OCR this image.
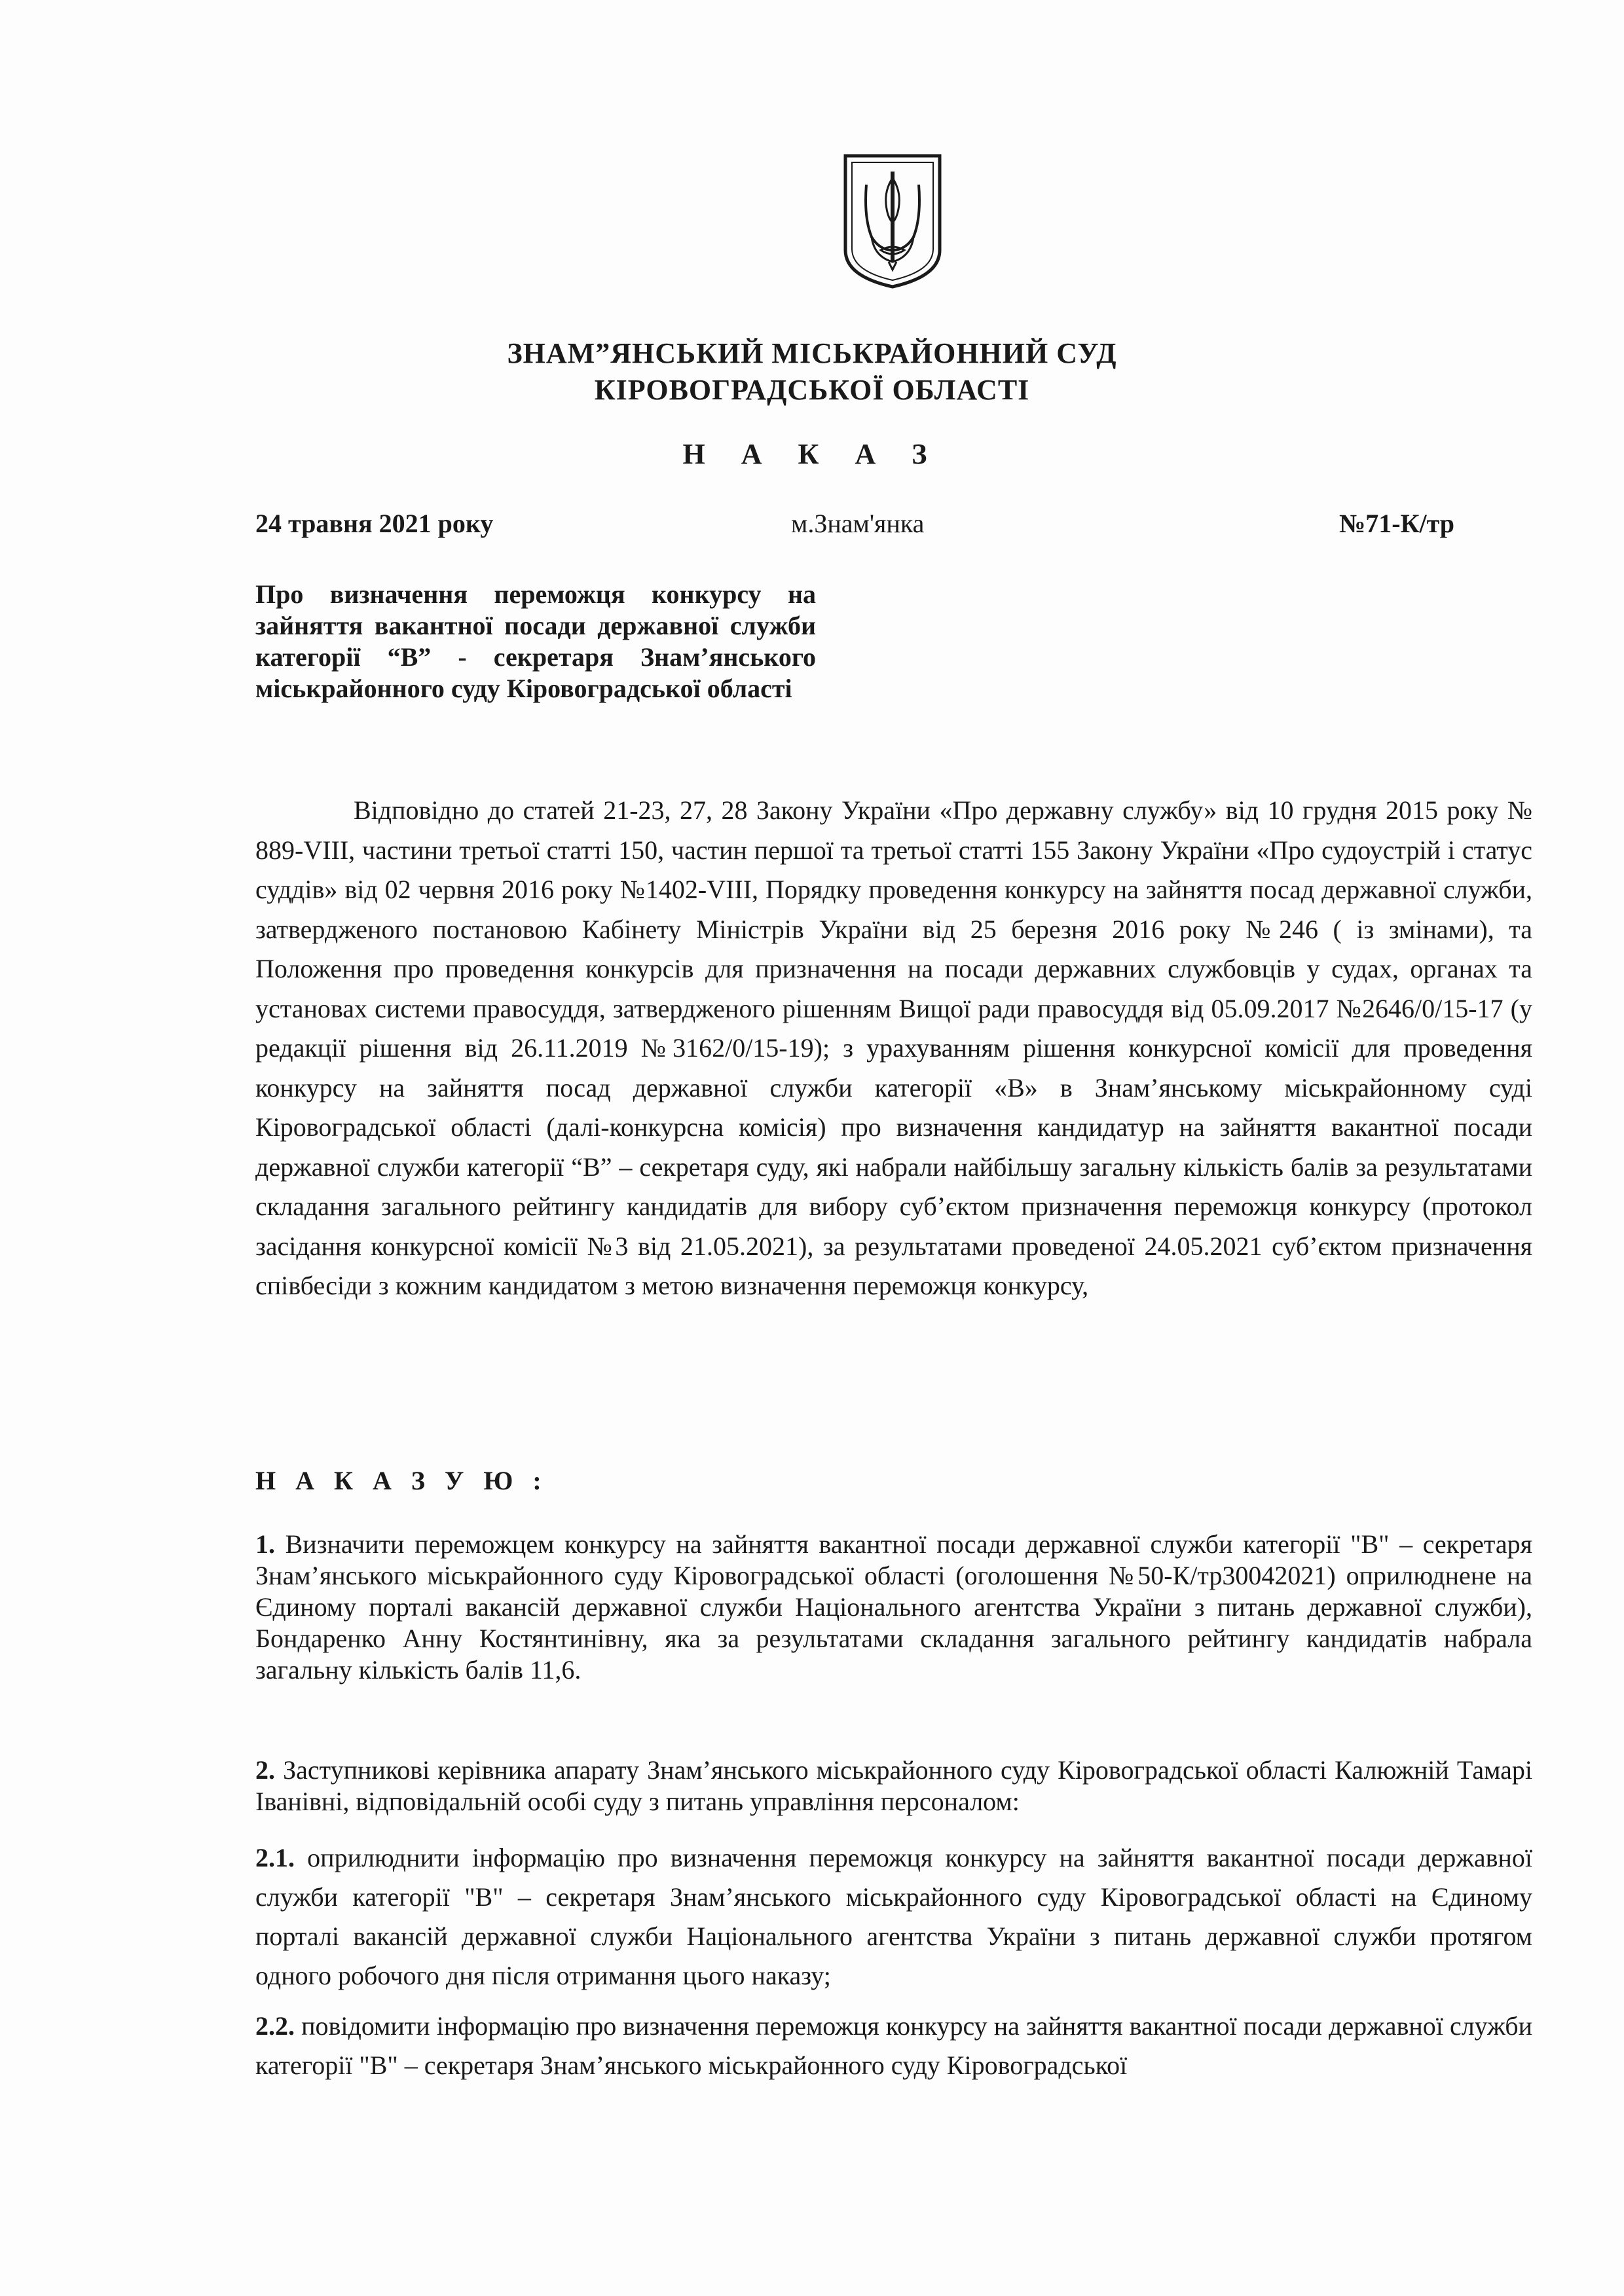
ЗНАМ”ЯНСЬКИЙ МІСЬКРАЙОННИЙ СУД
КІРОВОГРАДСЬКОЇ ОБЛАСТІ
Н А К А З
24 травня 2021 року	м.Знам'янка	№71-К/тр
Про визначення переможця конкурсу на зайняття вакантної посади державної служби категорії “В” - секретаря Знам’янського міськрайонного суду Кіровоградської області
Відповідно до статей 21-23, 27, 28 Закону України «Про державну службу» від 10 грудня 2015 року № 889-VIII, частини третьої статті 150, частин першої та третьої статті 155 Закону України «Про судоустрій і статус суддів» від 02 червня 2016 року №1402-VIII, Порядку проведення конкурсу на зайняття посад державної служби, затвердженого постановою Кабінету Міністрів України від 25 березня 2016 року №246 ( із змінами), та Положення про проведення конкурсів для призначення на посади державних службовців у судах, органах та установах системи правосуддя, затвердженого рішенням Вищої ради правосуддя від 05.09.2017 №2646/0/15-17 (у редакції рішення від 26.11.2019 №3162/0/15-19); з урахуванням рішення конкурсної комісії для проведення конкурсу на зайняття посад державної служби категорії «В» в Знам’янському міськрайонному суді Кіровоградської області (далі-конкурсна комісія) про визначення кандидатур на зайняття вакантної посади державної служби категорії “В” – секретаря суду, які набрали найбільшу загальну кількість балів за результатами складання загального рейтингу кандидатів для вибору суб’єктом призначення переможця конкурсу (протокол засідання конкурсної комісії №3 від 21.05.2021), за результатами проведеної 24.05.2021 суб’єктом призначення співбесіди з кожним кандидатом з метою визначення переможця конкурсу,
Н А К А З У Ю :
1. Визначити переможцем конкурсу на зайняття вакантної посади державної служби категорії "В" – секретаря Знам’янського міськрайонного суду Кіровоградської області (оголошення №50-К/тр30042021) оприлюднене на Єдиному порталі вакансій державної служби Національного агентства України з питань державної служби), Бондаренко Анну Костянтинівну, яка за результатами складання загального рейтингу кандидатів набрала загальну кількість балів 11,6.
2. Заступникові керівника апарату Знам’янського міськрайонного суду Кіровоградської області Калюжній Тамарі Іванівні, відповідальній особі суду з питань управління персоналом:
2.1. оприлюднити інформацію про визначення переможця конкурсу на зайняття вакантної посади державної служби категорії "В" – секретаря Знам’янського міськрайонного суду Кіровоградської області на Єдиному порталі вакансій державної служби Національного агентства України з питань державної служби протягом одного робочого дня після отримання цього наказу;
2.2. повідомити інформацію про визначення переможця конкурсу на зайняття вакантної посади державної служби категорії "В" – секретаря Знам’янського міськрайонного суду Кіровоградської
